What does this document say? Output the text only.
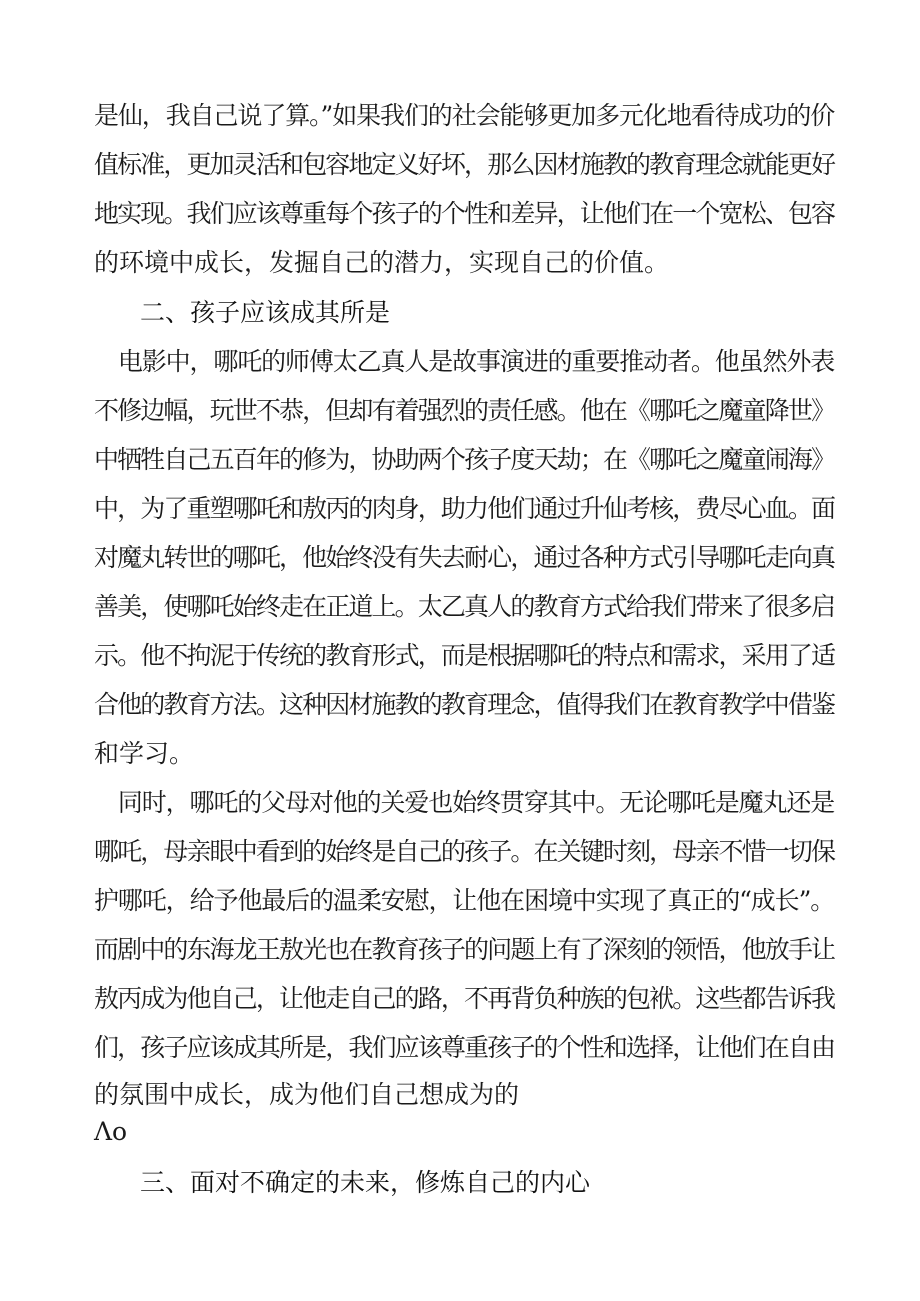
是仙，我自己说了算。”如果我们的社会能够更加多元化地看待成功的价
值标准，更加灵活和包容地定义好坏，那么因材施教的教育理念就能更好
地实现。我们应该尊重每个孩子的个性和差异，让他们在一个宽松、包容
的环境中成长，发掘自己的潜力，实现自己的价值。
二、孩子应该成其所是
　电影中，哪吒的师傅太乙真人是故事演进的重要推动者。他虽然外表
不修边幅，玩世不恭，但却有着强烈的责任感。他在《哪吒之魔童降世》
中牺牲自己五百年的修为，协助两个孩子度天劫；在《哪吒之魔童闹海》
中，为了重塑哪吒和敖丙的肉身，助力他们通过升仙考核，费尽心血。面
对魔丸转世的哪吒，他始终没有失去耐心，通过各种方式引导哪吒走向真
善美，使哪吒始终走在正道上。太乙真人的教育方式给我们带来了很多启
示。他不拘泥于传统的教育形式，而是根据哪吒的特点和需求，采用了适
合他的教育方法。这种因材施教的教育理念，值得我们在教育教学中借鉴
和学习。
　同时，哪吒的父母对他的关爱也始终贯穿其中。无论哪吒是魔丸还是
哪吒，母亲眼中看到的始终是自己的孩子。在关键时刻，母亲不惜一切保
护哪吒，给予他最后的温柔安慰，让他在困境中实现了真正的“成长”。
而剧中的东海龙王敖光也在教育孩子的问题上有了深刻的领悟，他放手让
敖丙成为他自己，让他走自己的路，不再背负种族的包袱。这些都告诉我
们，孩子应该成其所是，我们应该尊重孩子的个性和选择，让他们在自由
的氛围中成长，成为他们自己想成为的
Λo
三、面对不确定的未来，修炼自己的内心
